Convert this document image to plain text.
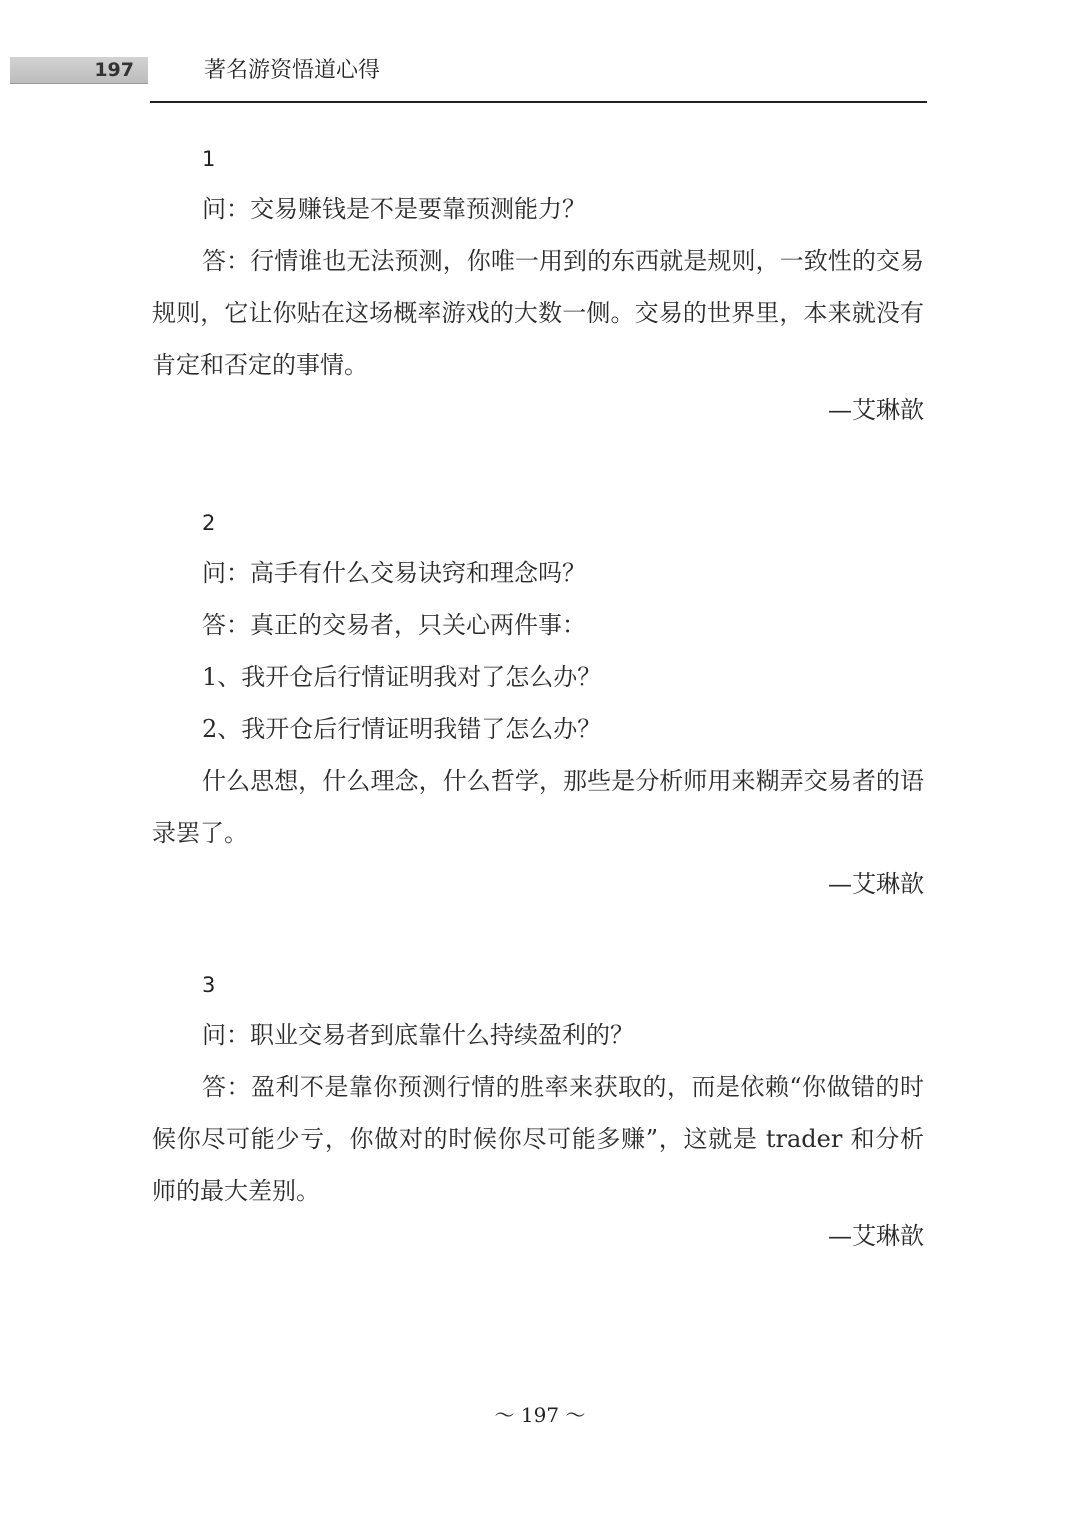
197	著名游资悟道心得
1
问：交易赚钱是不是要靠预测能力？
答：行情谁也无法预测，你唯一用到的东西就是规则，一致性的交易规则，它让你贴在这场概率游戏的大数一侧。交易的世界里，本来就没有肯定和否定的事情。
—艾琳歆
2
问：高手有什么交易诀窍和理念吗？
答：真正的交易者，只关心两件事：
1、我开仓后行情证明我对了怎么办？
2、我开仓后行情证明我错了怎么办？
什么思想，什么理念，什么哲学，那些是分析师用来糊弄交易者的语录罢了。
—艾琳歆
3
问：职业交易者到底靠什么持续盈利的？
答：盈利不是靠你预测行情的胜率来获取的，而是依赖“你做错的时候你尽可能少亏，你做对的时候你尽可能多赚”，这就是 trader 和分析师的最大差别。
—艾琳歆
～ 197 ～
